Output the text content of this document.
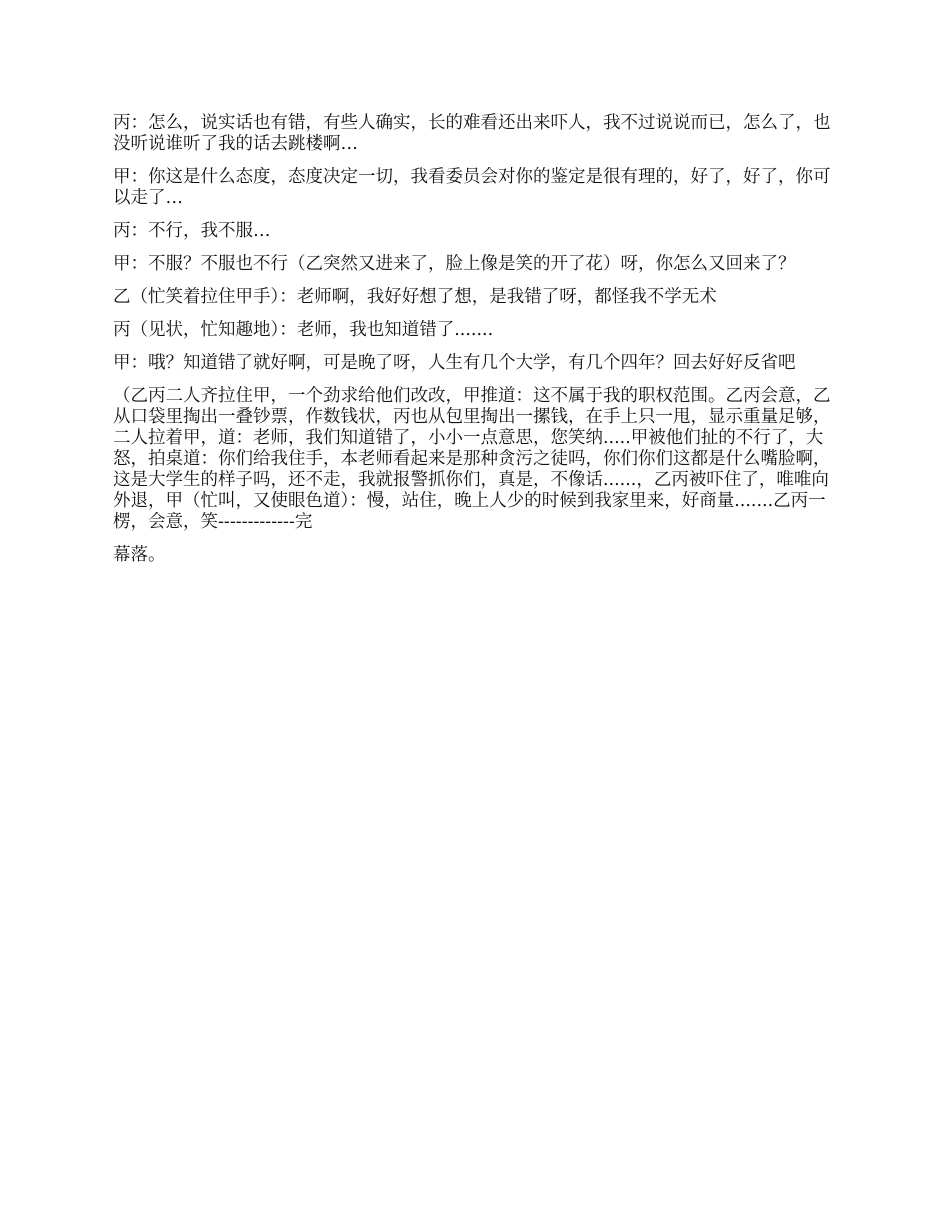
丙：怎么，说实话也有错，有些人确实，长的难看还出来吓人，我不过说说而已，怎么了，也没听说谁听了我的话去跳楼啊…

甲：你这是什么态度，态度决定一切，我看委员会对你的鉴定是很有理的，好了，好了，你可以走了…

丙：不行，我不服…

甲：不服？不服也不行（乙突然又进来了，脸上像是笑的开了花）呀，你怎么又回来了？

乙（忙笑着拉住甲手）：老师啊，我好好想了想，是我错了呀，都怪我不学无术

丙（见状，忙知趣地）：老师，我也知道错了.......

甲：哦？知道错了就好啊，可是晚了呀，人生有几个大学，有几个四年？回去好好反省吧

（乙丙二人齐拉住甲，一个劲求给他们改改，甲推道：这不属于我的职权范围。乙丙会意，乙从口袋里掏出一叠钞票，作数钱状，丙也从包里掏出一摞钱，在手上只一甩，显示重量足够，二人拉着甲，道：老师，我们知道错了，小小一点意思，您笑纳.....甲被他们扯的不行了，大怒，拍桌道：你们给我住手，本老师看起来是那种贪污之徒吗，你们你们这都是什么嘴脸啊，这是大学生的样子吗，还不走，我就报警抓你们，真是，不像话......，乙丙被吓住了，唯唯向外退，甲（忙叫，又使眼色道）：慢，站住，晚上人少的时候到我家里来，好商量.......乙丙一楞，会意，笑-------------完

幕落。
